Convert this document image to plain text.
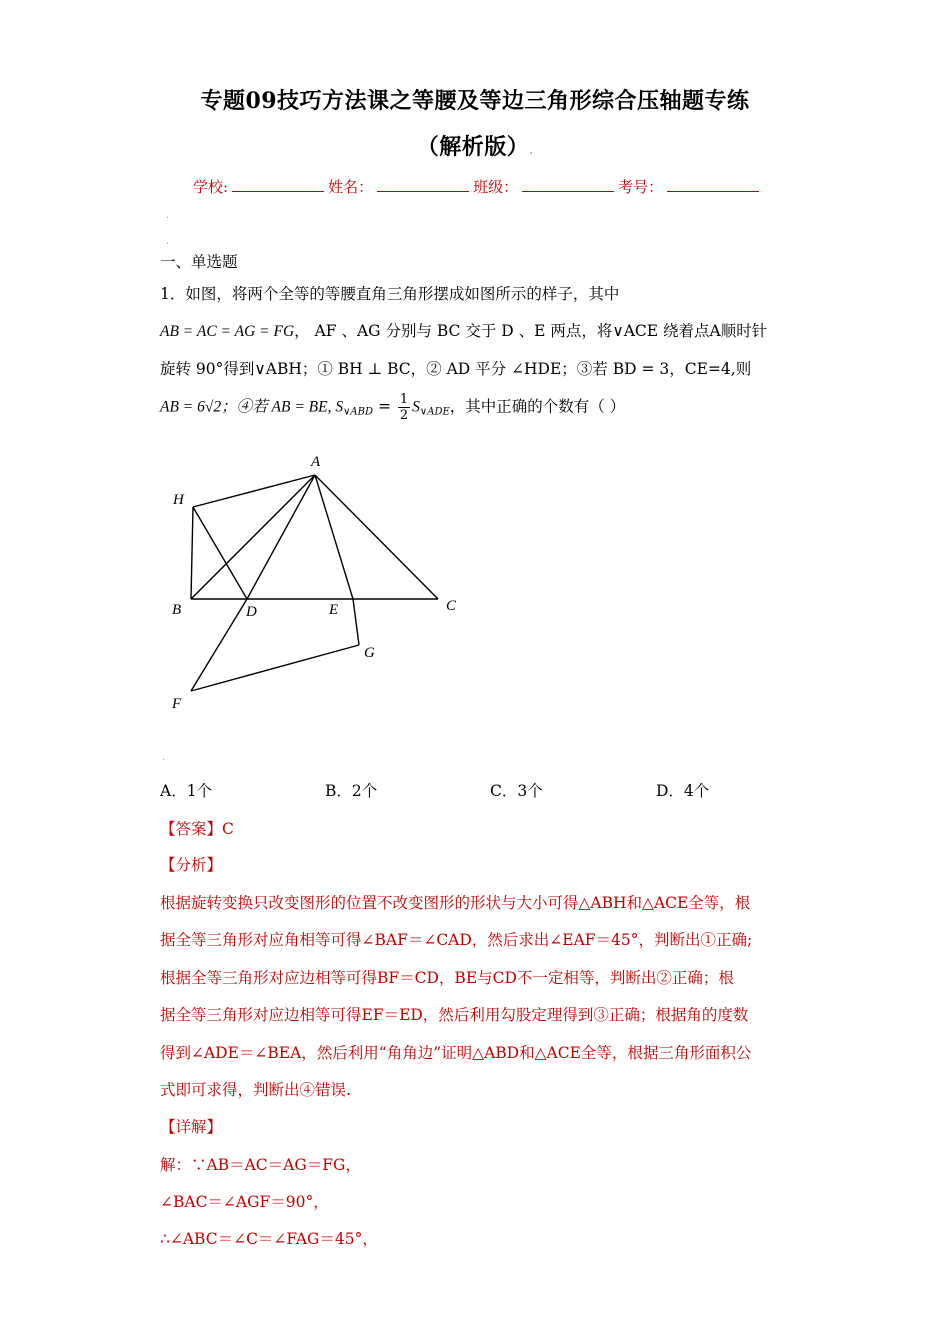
专题09技巧方法课之等腰及等边三角形综合压轴题专练
（解析版）.
学校:	姓名：	班级：	考号：
.
.
一、单选题
1．如图，将两个全等的等腰直角三角形摆成如图所示的样子，其中
AB = AC = AG = FG， AF 、AG 分别与 BC 交于 D 、E 两点，将∨ACE 绕着点A顺时针
旋转 90°得到∨ABH；① BH ⊥ BC，② AD 平分 ∠HDE；③若 BD = 3，CE=4,则
AB = 6√2；④若 AB = BE, $S_{\vee ABD} = \frac{1}{2} S_{\vee ADE}$，其中正确的个数有（ ）
A
H
B	D	E	C
G
F
.
A．1个	B．2个	C．3个	D．4个
【答案】C
【分析】
根据旋转变换只改变图形的位置不改变图形的形状与大小可得△ABH和△ACE全等，根
据全等三角形对应角相等可得∠BAF＝∠CAD，然后求出∠EAF＝45°，判断出①正确;
根据全等三角形对应边相等可得BF＝CD，BE与CD不一定相等，判断出②正确；根
据全等三角形对应边相等可得EF＝ED，然后利用勾股定理得到③正确；根据角的度数
得到∠ADE＝∠BEA，然后利用“角角边”证明△ABD和△ACE全等，根据三角形面积公
式即可求得，判断出④错误.
【详解】
解：∵AB＝AC＝AG＝FG，
∠BAC＝∠AGF＝90°，
∴∠ABC＝∠C＝∠FAG＝45°，
